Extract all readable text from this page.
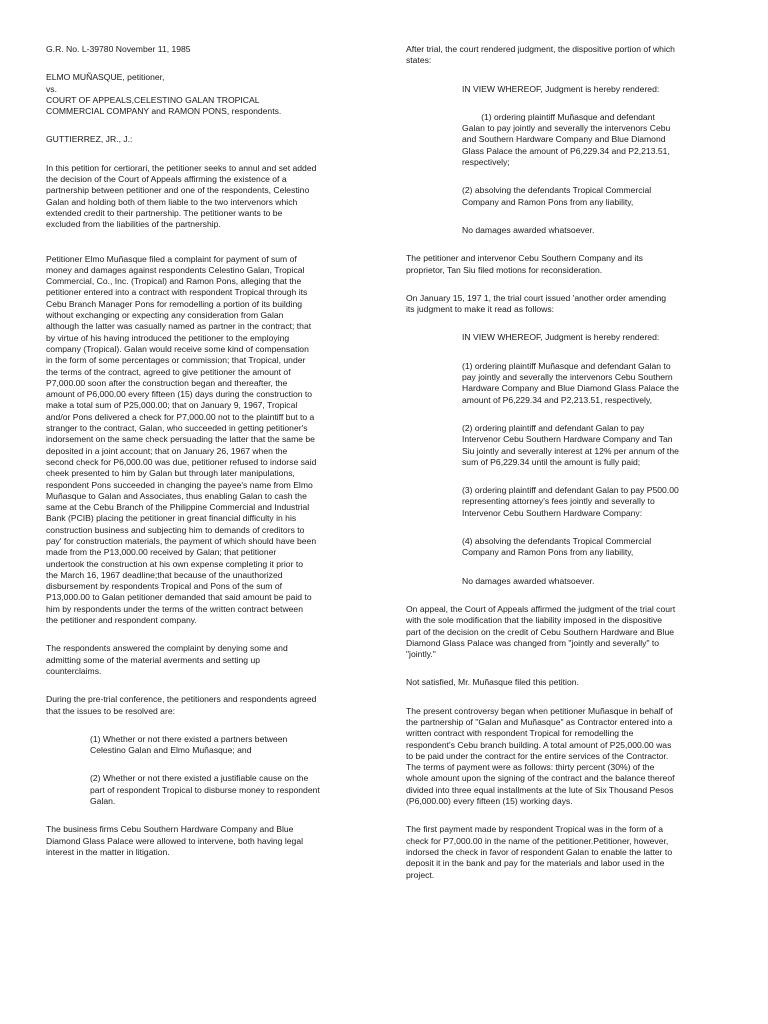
G.R. No. L-39780 November 11, 1985

ELMO MUÑASQUE, petitioner,
vs.
COURT OF APPEALS,CELESTINO GALAN TROPICAL
COMMERCIAL COMPANY and RAMON PONS, respondents.

GUTTIERREZ, JR., J.:

In this petition for certiorari, the petitioner seeks to annul and set added
the decision of the Court of Appeals affirming the existence of a
partnership between petitioner and one of the respondents, Celestino
Galan and holding both of them liable to the two intervenors which
extended credit to their partnership. The petitioner wants to be
excluded from the liabilities of the partnership.

Petitioner Elmo Muñasque filed a complaint for payment of sum of
money and damages against respondents Celestino Galan, Tropical
Commercial, Co., Inc. (Tropical) and Ramon Pons, alleging that the
petitioner entered into a contract with respondent Tropical through its
Cebu Branch Manager Pons for remodelling a portion of its building
without exchanging or expecting any consideration from Galan
although the latter was casually named as partner in the contract; that
by virtue of his having introduced the petitioner to the employing
company (Tropical). Galan would receive some kind of compensation
in the form of some percentages or commission; that Tropical, under
the terms of the contract, agreed to give petitioner the amount of
P7,000.00 soon after the construction began and thereafter, the
amount of P6,000.00 every fifteen (15) days during the construction to
make a total sum of P25,000.00; that on January 9, 1967, Tropical
and/or Pons delivered a check for P7,000.00 not to the plaintiff but to a
stranger to the contract, Galan, who succeeded in getting petitioner's
indorsement on the same check persuading the latter that the same be
deposited in a joint account; that on January 26, 1967 when the
second check for P6,000.00 was due, petitioner refused to indorse said
cheek presented to him by Galan but through later manipulations,
respondent Pons succeeded in changing the payee's name from Elmo
Muñasque to Galan and Associates, thus enabling Galan to cash the
same at the Cebu Branch of the Philippine Commercial and Industrial
Bank (PCIB) placing the petitioner in great financial difficulty in his
construction business and subjecting him to demands of creditors to
pay' for construction materials, the payment of which should have been
made from the P13,000.00 received by Galan; that petitioner
undertook the construction at his own expense completing it prior to
the March 16, 1967 deadline;that because of the unauthorized
disbursement by respondents Tropical and Pons of the sum of
P13,000.00 to Galan petitioner demanded that said amount be paid to
him by respondents under the terms of the written contract between
the petitioner and respondent company.

The respondents answered the complaint by denying some and
admitting some of the material averments and setting up
counterclaims.

During the pre-trial conference, the petitioners and respondents agreed
that the issues to be resolved are:

(1) Whether or not there existed a partners between
Celestino Galan and Elmo Muñasque; and

(2) Whether or not there existed a justifiable cause on the
part of respondent Tropical to disburse money to respondent
Galan.

The business firms Cebu Southern Hardware Company and Blue
Diamond Glass Palace were allowed to intervene, both having legal
interest in the matter in litigation.

After trial, the court rendered judgment, the dispositive portion of which
states:

IN VIEW WHEREOF, Judgment is hereby rendered:

(1) ordering plaintiff Muñasque and defendant
Galan to pay jointly and severally the intervenors Cebu
and Southern Hardware Company and Blue Diamond
Glass Palace the amount of P6,229.34 and P2,213.51,
respectively;

(2) absolving the defendants Tropical Commercial
Company and Ramon Pons from any liability,

No damages awarded whatsoever.

The petitioner and intervenor Cebu Southern Company and its
proprietor, Tan Siu filed motions for reconsideration.

On January 15, 197 1, the trial court issued 'another order amending
its judgment to make it read as follows:

IN VIEW WHEREOF, Judgment is hereby rendered:

(1) ordering plaintiff Muñasque and defendant Galan to
pay jointly and severally the intervenors Cebu Southern
Hardware Company and Blue Diamond Glass Palace the
amount of P6,229.34 and P2,213.51, respectively,

(2) ordering plaintiff and defendant Galan to pay
Intervenor Cebu Southern Hardware Company and Tan
Siu jointly and severally interest at 12% per annum of the
sum of P6,229.34 until the amount is fully paid;

(3) ordering plaintiff and defendant Galan to pay P500.00
representing attorney's fees jointly and severally to
Intervenor Cebu Southern Hardware Company:

(4) absolving the defendants Tropical Commercial
Company and Ramon Pons from any liability,

No damages awarded whatsoever.

On appeal, the Court of Appeals affirmed the judgment of the trial court
with the sole modification that the liability imposed in the dispositive
part of the decision on the credit of Cebu Southern Hardware and Blue
Diamond Glass Palace was changed from "jointly and severally" to
"jointly."

Not satisfied, Mr. Muñasque filed this petition.

The present controversy began when petitioner Muñasque in behalf of
the partnership of "Galan and Muñasque" as Contractor entered into a
written contract with respondent Tropical for remodelling the
respondent's Cebu branch building. A total amount of P25,000.00 was
to be paid under the contract for the entire services of the Contractor.
The terms of payment were as follows: thirty percent (30%) of the
whole amount upon the signing of the contract and the balance thereof
divided into three equal installments at the lute of Six Thousand Pesos
(P6,000.00) every fifteen (15) working days.

The first payment made by respondent Tropical was in the form of a
check for P7,000.00 in the name of the petitioner.Petitioner, however,
indorsed the check in favor of respondent Galan to enable the latter to
deposit it in the bank and pay for the materials and labor used in the
project.
